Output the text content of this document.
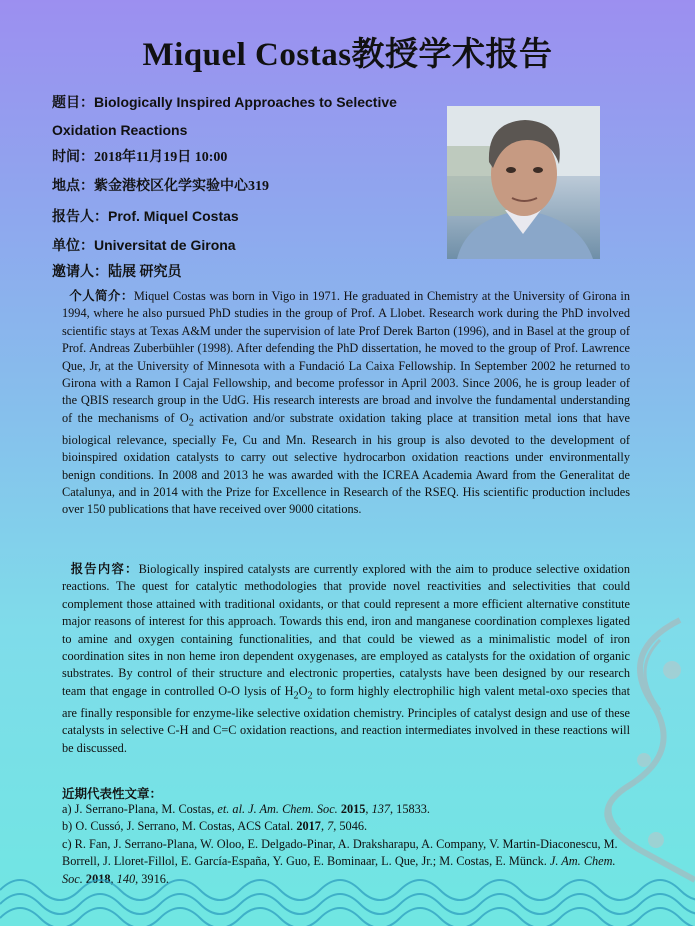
Miquel Costas教授学术报告
题目：Biologically Inspired Approaches to Selective
Oxidation Reactions
时间：2018年11月19日 10:00
地点：紫金港校区化学实验中心319
报告人：Prof. Miquel Costas
单位：Universitat de Girona
邀请人：陆展 研究员
个人简介：Miquel Costas was born in Vigo in 1971. He graduated in Chemistry at the University of Girona in 1994, where he also pursued PhD studies in the group of Prof. A Llobet. Research work during the PhD involved scientific stays at Texas A&M under the supervision of late Prof Derek Barton (1996), and in Basel at the group of Prof. Andreas Zuberbühler (1998). After defending the PhD dissertation, he moved to the group of Prof. Lawrence Que, Jr, at the University of Minnesota with a Fundació La Caixa Fellowship. In September 2002 he returned to Girona with a Ramon I Cajal Fellowship, and become professor in April 2003. Since 2006, he is group leader of the QBIS research group in the UdG. His research interests are broad and involve the fundamental understanding of the mechanisms of $O_2$ activation and/or substrate oxidation taking place at transition metal ions that have biological relevance, specially Fe, Cu and Mn. Research in his group is also devoted to the development of bioinspired oxidation catalysts to carry out selective hydrocarbon oxidation reactions under environmentally benign conditions. In 2008 and 2013 he was awarded with the ICREA Academia Award from the Generalitat de Catalunya, and in 2014 with the Prize for Excellence in Research of the RSEQ. His scientific production includes over 150 publications that have received over 9000 citations.
报告内容：Biologically inspired catalysts are currently explored with the aim to produce selective oxidation reactions. The quest for catalytic methodologies that provide novel reactivities and selectivities that could complement those attained with traditional oxidants, or that could represent a more efficient alternative constitute major reasons of interest for this approach. Towards this end, iron and manganese coordination complexes ligated to amine and oxygen containing functionalities, and that could be viewed as a minimalistic model of iron coordination sites in non heme iron dependent oxygenases, are employed as catalysts for the oxidation of organic substrates. By control of their structure and electronic properties, catalysts have been designed by our research team that engage in controlled O-O lysis of $H_2O_2$ to form highly electrophilic high valent metal-oxo species that are finally responsible for enzyme-like selective oxidation chemistry. Principles of catalyst design and use of these catalysts in selective C-H and C=C oxidation reactions, and reaction intermediates involved in these reactions will be discussed.
近期代表性文章：
a) J. Serrano-Plana, M. Costas, et. al. J. Am. Chem. Soc. 2015, 137, 15833.
b) O. Cussó, J. Serrano, M. Costas, ACS Catal. 2017, 7, 5046.
c) R. Fan, J. Serrano-Plana, W. Oloo, E. Delgado-Pinar, A. Draksharapu, A. Company, V. Martin-Diaconescu, M. Borrell, J. Lloret-Fillol, E. García-España, Y. Guo, E. Bominaar, L. Que, Jr.; M. Costas, E. Münck. J. Am. Chem. Soc. 2018, 140, 3916.
